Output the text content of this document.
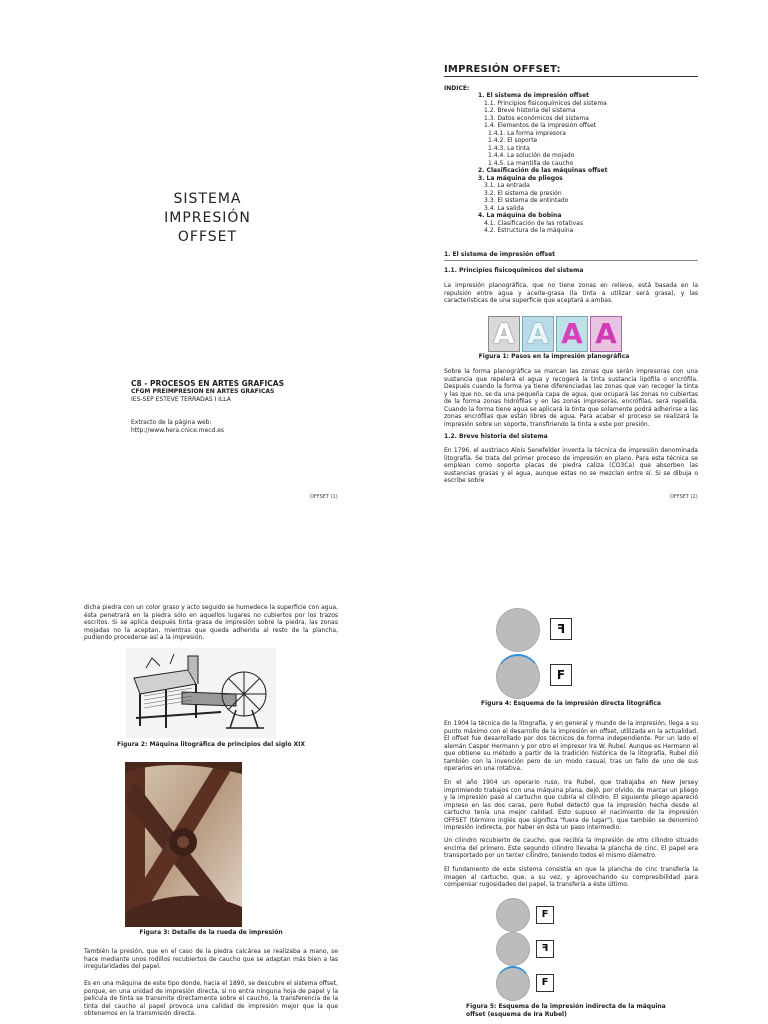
SISTEMA
IMPRESIÓN
OFFSET
C8 - PROCESOS EN ARTES GRAFICAS
CFGM PREIMPRESION EN ARTES GRAFICAS
IES-SEP ESTEVE TERRADAS I ILLA
Extracto de la página web:
http://www.hera.cnice.mecd.es
OFFSET (1)
IMPRESIÓN OFFSET:
INDICE:
1. El sistema de impresión offset
1.1. Principios fisicoquímicos del sistema
1.2. Breve historia del sistema
1.3. Datos económicos del sistema
1.4. Elementos de la impresión offset
1.4.1. La forma impresora
1.4.2. El soporte
1.4.3. La tinta
1.4.4. La solución de mojado
1.4.5. La mantilla de caucho
2. Clasificación de las máquinas offset
3. La máquina de pliegos
3.1. La entrada
3.2. El sistema de presión
3.3. El sistema de entintado
3.4. La salida
4. La máquina de bobina
4.1. Clasificación de las rotativas
4.2. Estructura de la máquina
1. El sistema de impresión offset
1.1. Principios fisicoquímicos del sistema
La impresión planográfica, que no tiene zonas en relieve, está basada en la repulsión entre agua y aceite-grasa (la tinta a utilizar será grasa), y las características de una superficie que aceptará a ambas.
A A A A
Figura 1: Pasos en la impresión planográfica
Sobre la forma planográfica se marcan las zonas que serán impresoras con una sustancia que repelerá el agua y recogerá la tinta sustancia lipófila o encrófila. Después cuando la forma ya tiene diferenciadas las zonas que van recoger la tinta y las que no, se da una pequeña capa de agua, que ocupará las zonas no cubiertas de la forma zonas hidrófilas y en las zonas impresoras, encrófilas, será repelida. Cuando la forma tiene agua se aplicará la tinta que solamente podrá adherirse a las zonas encrófilas que están libres de agua. Para acabar el proceso se realizará la impresión sobre un soporte, transfiriendo la tinta a este por presión.
1.2. Breve historia del sistema
En 1796, el austriaco Alois Senefelder inventa la técnica de impresión denominada litografía. Se trata del primer proceso de impresión en plano. Para esta técnica se emplean como soporte placas de piedra caliza (CO3Ca) que absorben las sustancias grasas y el agua, aunque estas no se mezclan entre sí. Si se dibuja o escribe sobre
OFFSET (2)
dicha piedra con un color graso y acto seguido se humedece la superficie con agua, ésta penetrará en la piedra sólo en aquellos lugares no cubiertos por los trazos escritos. Si se aplica después tinta grasa de impresión sobre la piedra, las zonas mojadas no la aceptan, mientras que queda adherida al resto de la plancha, pudiendo procederse así a la impresión.
Figura 2: Máquina litográfica de principios del siglo XIX
Figura 3: Detalle de la rueda de impresión
También la presión, que en el caso de la piedra calcárea se realizaba a mano, se hace mediante unos rodillos recubiertos de caucho que se adaptan más bien a las irregularidades del papel.
Es en una máquina de este tipo donde, hacia el 1890, se descubre el sistema offset, porque, en una unidad de impresión directa, si no entra ninguna hoja de papel y la película de tinta se transmite directamente sobre el caucho, la transferencia de la tinta del caucho al papel provoca una calidad de impresión mejor que la que obtenemos en la transmisión directa.
F
F
Figura 4: Esquema de la impresión directa litográfica
En 1904 la técnica de la litografía, y en general y mundo de la impresión, llega a su punto máximo con el desarrollo de la impresión en offset, utilizada en la actualidad. El offset fue desarrollado por dos técnicos de forma independiente. Por un lado el alemán Casper Hermann y por otro el impresor Ira W. Rubel. Aunque es Hermann el que obtiene su método a partir de la tradición histórica de la litografía, Rubel dió también con la invención pero de un modo casual, tras un fallo de uno de sus operarios en una rotativa.
En el año 1904 un operario ruso, Ira Rubel, que trabajaba en New Jersey imprimiendo trabajos con una máquina plana, dejó, por olvido, de marcar un pliego y la impresión pasó al cartucho que cubría el cilindro. El siguiente pliego apareció impreso en las dos caras, pero Rubel detectó que la impresión hecha desde el cartucho tenía una mejor calidad. Esto supuso el nacimiento de la impresión OFFSET (término inglés que significa "fuera de lugar"), que también se denominó impresión indirecta, por haber en ésta un paso intermedio.
Un cilindro recubierto de caucho, que recibía la impresión de otro cilindro situado encima del primero. Este segundo cilindro llevaba la plancha de cinc. El papel era transportado por un tercer cilindro, teniendo todos el mismo diámetro.
El fundamento de este sistema consistía en que la plancha de cinc transfería la imagen al cartucho, que, a su vez, y aprovechando su compresibilidad para compensar rugosidades del papel, la transfería a éste último.
F
F
F
Figura 5: Esquema de la impresión indirecta de la máquina
offset (esquema de Ira Rubel)
